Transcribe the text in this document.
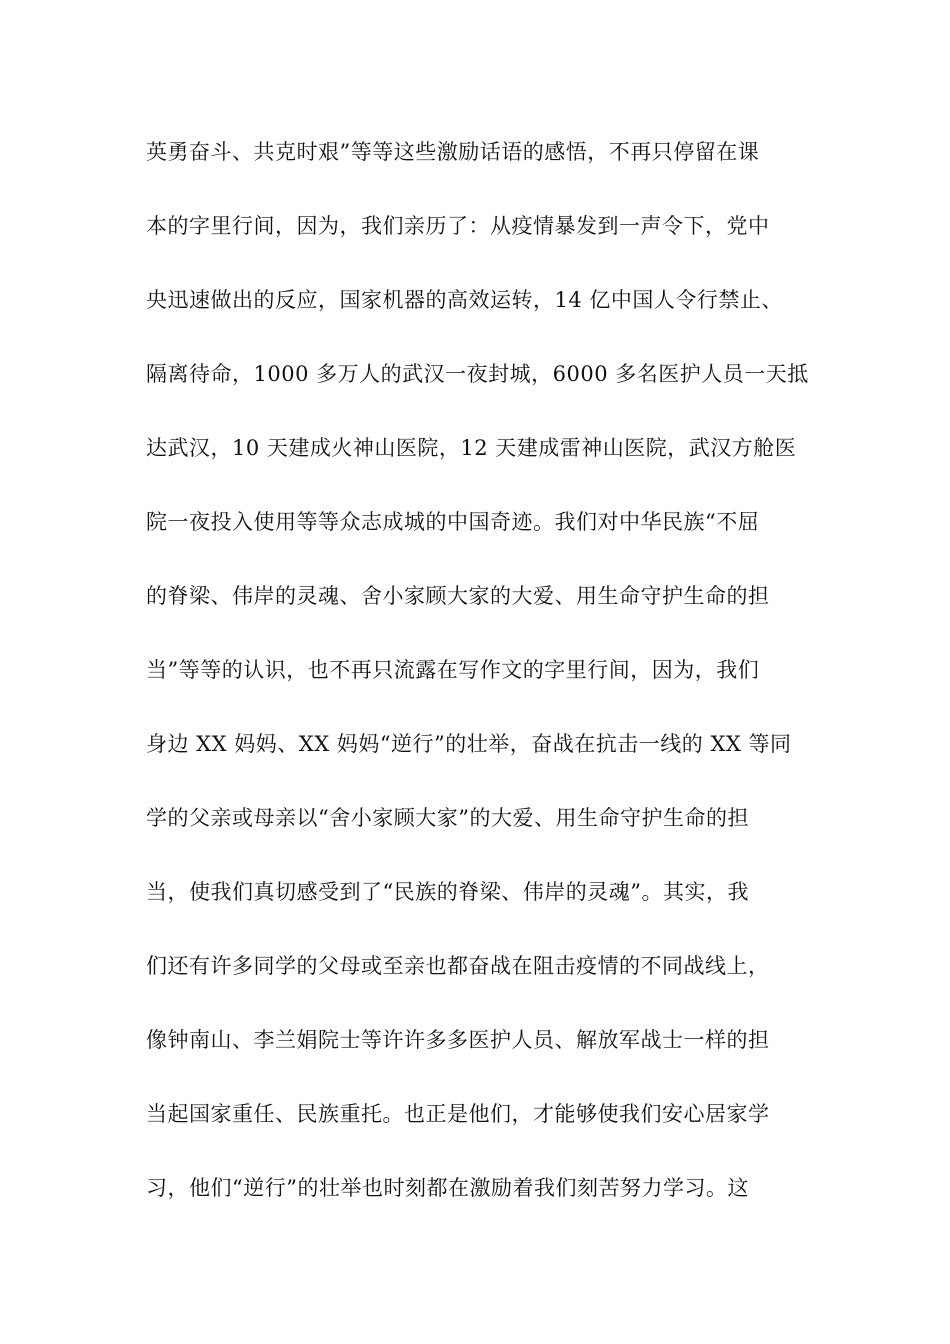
英勇奋斗、共克时艰”等等这些激励话语的感悟，不再只停留在课
本的字里行间，因为，我们亲历了：从疫情暴发到一声令下，党中
央迅速做出的反应，国家机器的高效运转，14 亿中国人令行禁止、
隔离待命，1000 多万人的武汉一夜封城，6000 多名医护人员一天抵
达武汉，10 天建成火神山医院，12 天建成雷神山医院，武汉方舱医
院一夜投入使用等等众志成城的中国奇迹。我们对中华民族“不屈
的脊梁、伟岸的灵魂、舍小家顾大家的大爱、用生命守护生命的担
当”等等的认识，也不再只流露在写作文的字里行间，因为，我们
身边 XX 妈妈、XX 妈妈“逆行”的壮举，奋战在抗击一线的 XX 等同
学的父亲或母亲以“舍小家顾大家”的大爱、用生命守护生命的担
当，使我们真切感受到了“民族的脊梁、伟岸的灵魂”。其实，我
们还有许多同学的父母或至亲也都奋战在阻击疫情的不同战线上，
像钟南山、李兰娟院士等许许多多医护人员、解放军战士一样的担
当起国家重任、民族重托。也正是他们，才能够使我们安心居家学
习，他们“逆行”的壮举也时刻都在激励着我们刻苦努力学习。这
